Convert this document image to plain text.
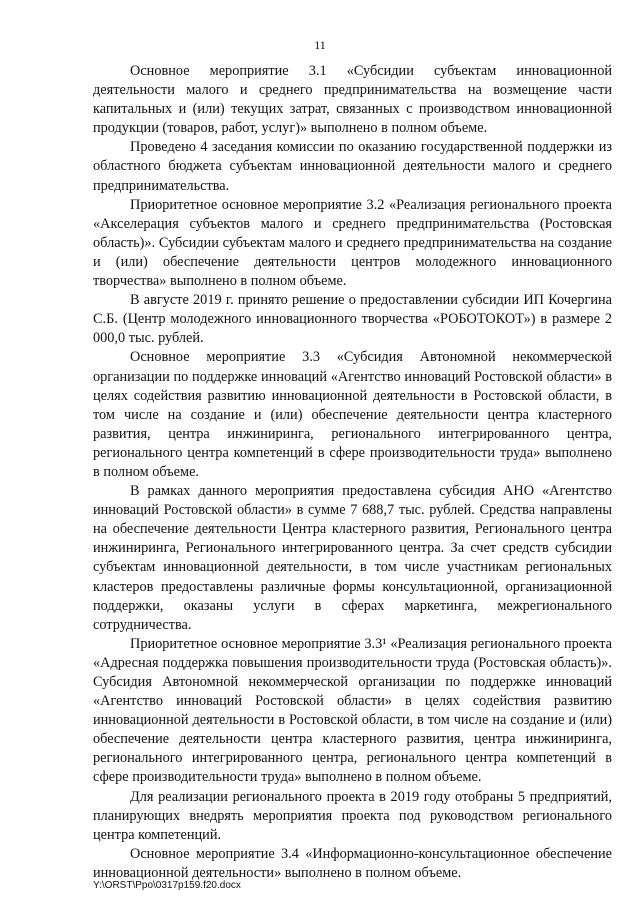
11

Основное мероприятие 3.1 «Субсидии субъектам инновационной деятельности малого и среднего предпринимательства на возмещение части капитальных и (или) текущих затрат, связанных с производством инновационной продукции (товаров, работ, услуг)» выполнено в полном объеме.

Проведено 4 заседания комиссии по оказанию государственной поддержки из областного бюджета субъектам инновационной деятельности малого и среднего предпринимательства.

Приоритетное основное мероприятие 3.2 «Реализация регионального проекта «Акселерация субъектов малого и среднего предпринимательства (Ростовская область)». Субсидии субъектам малого и среднего предпринимательства на создание и (или) обеспечение деятельности центров молодежного инновационного творчества» выполнено в полном объеме.

В августе 2019 г. принято решение о предоставлении субсидии ИП Кочергина С.Б. (Центр молодежного инновационного творчества «РОБОТОКОТ») в размере 2 000,0 тыс. рублей.

Основное мероприятие 3.3 «Субсидия Автономной некоммерческой организации по поддержке инноваций «Агентство инноваций Ростовской области» в целях содействия развитию инновационной деятельности в Ростовской области, в том числе на создание и (или) обеспечение деятельности центра кластерного развития, центра инжиниринга, регионального интегрированного центра, регионального центра компетенций в сфере производительности труда» выполнено в полном объеме.

В рамках данного мероприятия предоставлена субсидия АНО «Агентство инноваций Ростовской области» в сумме 7 688,7 тыс. рублей. Средства направлены на обеспечение деятельности Центра кластерного развития, Регионального центра инжиниринга, Регионального интегрированного центра. За счет средств субсидии субъектам инновационной деятельности, в том числе участникам региональных кластеров предоставлены различные формы консультационной, организационной поддержки, оказаны услуги в сферах маркетинга, межрегионального сотрудничества.

Приоритетное основное мероприятие 3.3¹ «Реализация регионального проекта «Адресная поддержка повышения производительности труда (Ростовская область)». Субсидия Автономной некоммерческой организации по поддержке инноваций «Агентство инноваций Ростовской области» в целях содействия развитию инновационной деятельности в Ростовской области, в том числе на создание и (или) обеспечение деятельности центра кластерного развития, центра инжиниринга, регионального интегрированного центра, регионального центра компетенций в сфере производительности труда» выполнено в полном объеме.

Для реализации регионального проекта в 2019 году отобраны 5 предприятий, планирующих внедрять мероприятия проекта под руководством регионального центра компетенций.

Основное мероприятие 3.4 «Информационно-консультационное обеспечение инновационной деятельности» выполнено в полном объеме.

Y:\ORST\Ppo\0317p159.f20.docx
